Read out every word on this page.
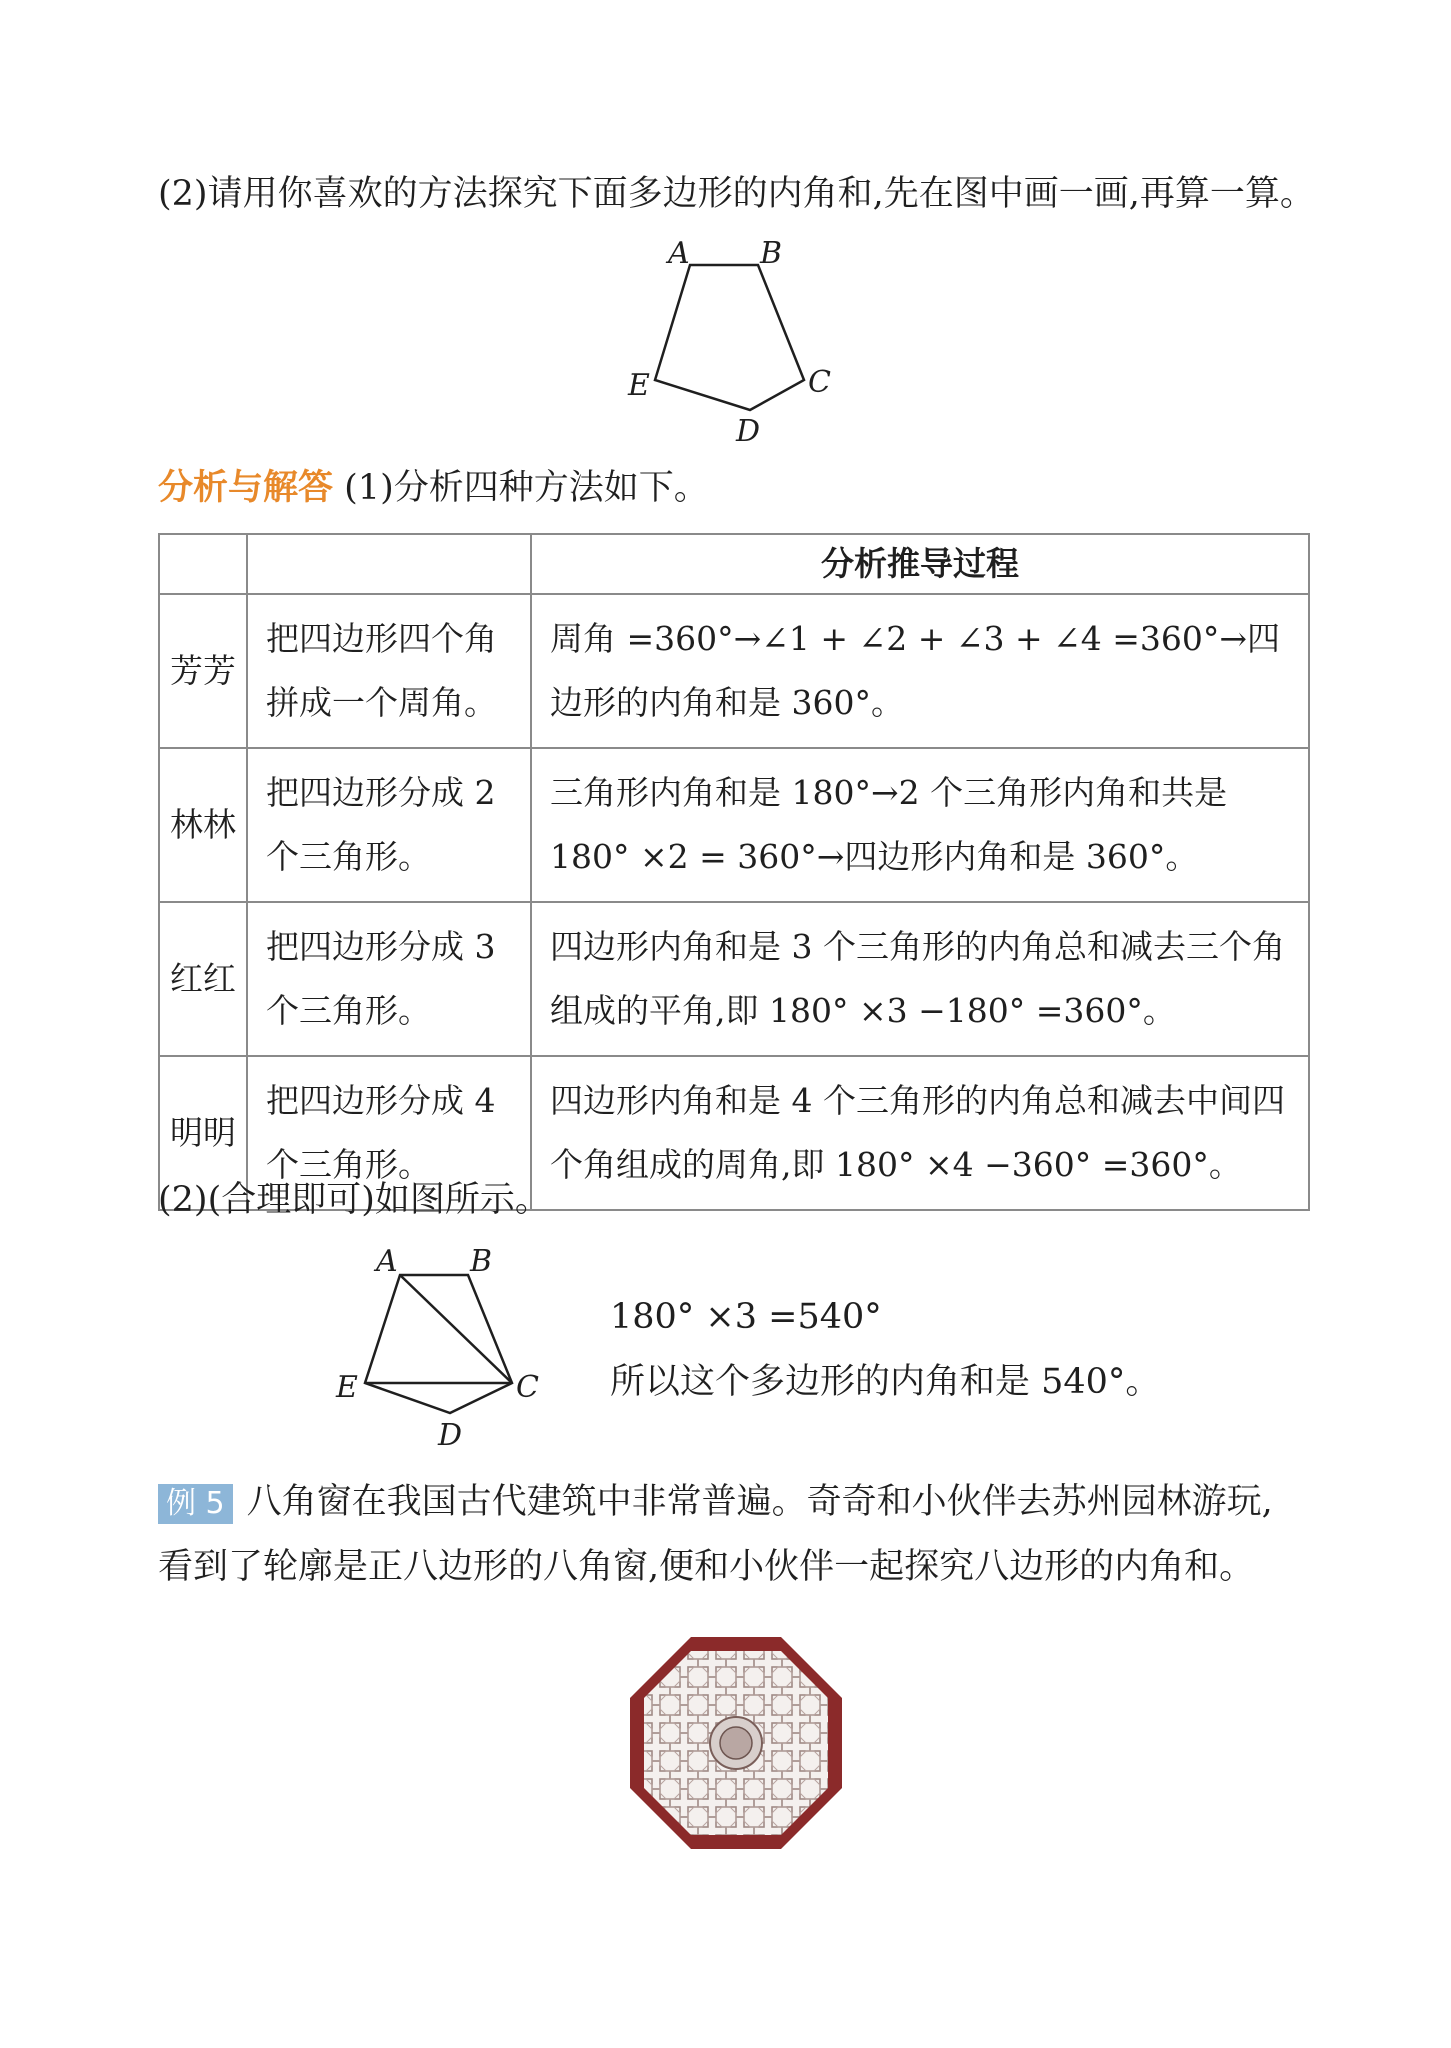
(2)请用你喜欢的方法探究下面多边形的内角和,先在图中画一画,再算一算。
A B
C
D
E
分析与解答 (1)分析四种方法如下。
		分析推导过程
芳芳	把四边形四个角拼成一个周角。	周角 =360°→∠1 + ∠2 + ∠3 + ∠4 =360°→四边形的内角和是 360°。
林林	把四边形分成 2 个三角形。	三角形内角和是 180°→2 个三角形内角和共是 180° ×2 = 360°→四边形内角和是 360°。
红红	把四边形分成 3 个三角形。	四边形内角和是 3 个三角形的内角总和减去三个角组成的平角,即 180° ×3 −180° =360°。
明明	把四边形分成 4 个三角形。	四边形内角和是 4 个三角形的内角总和减去中间四个角组成的周角,即 180° ×4 −360° =360°。
(2)(合理即可)如图所示。
A B
C
D
E
180° ×3 =540°
所以这个多边形的内角和是 540°。
例 5 八角窗在我国古代建筑中非常普遍。奇奇和小伙伴去苏州园林游玩,
看到了轮廓是正八边形的八角窗,便和小伙伴一起探究八边形的内角和。
